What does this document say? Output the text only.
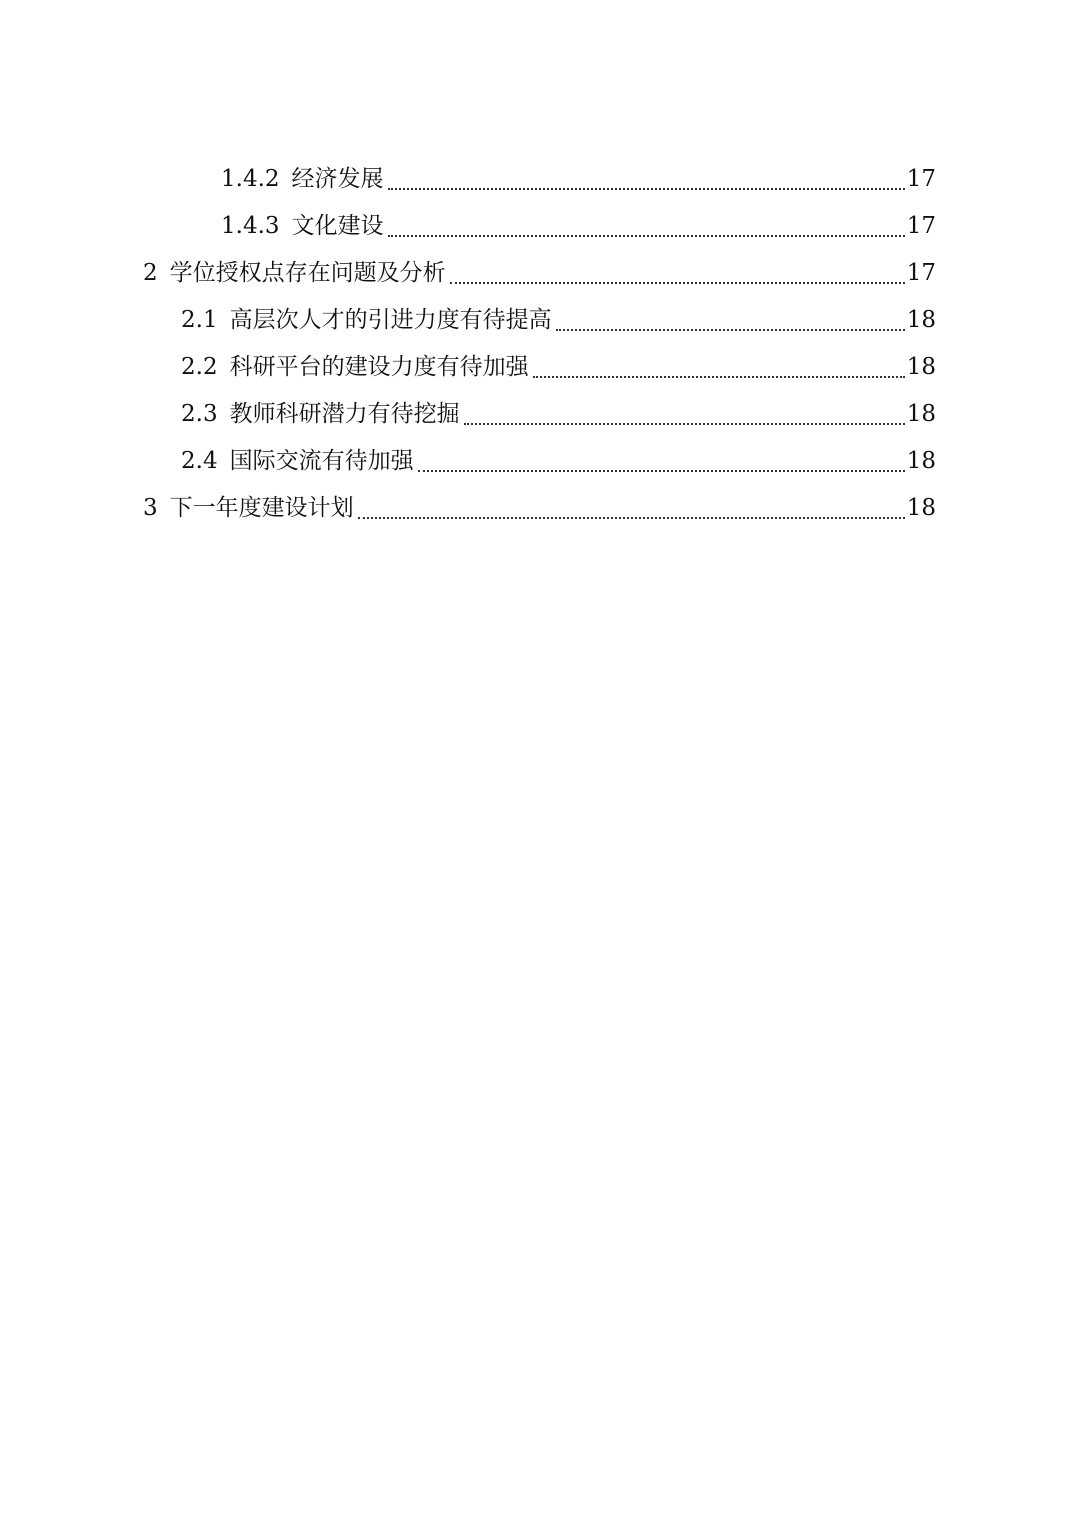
1.4.2 经济发展	17
1.4.3 文化建设	17
2 学位授权点存在问题及分析	17
2.1 高层次人才的引进力度有待提高	18
2.2 科研平台的建设力度有待加强	18
2.3 教师科研潜力有待挖掘	18
2.4 国际交流有待加强	18
3 下一年度建设计划	18
